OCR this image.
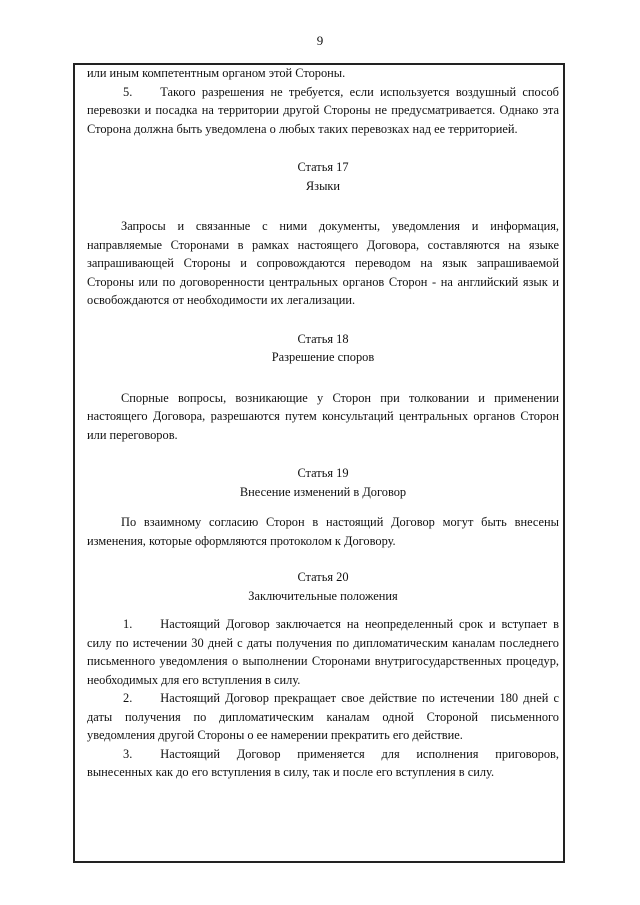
9

или иным компетентным органом этой Стороны.

5. Такого разрешения не требуется, если используется воздушный способ перевозки и посадка на территории другой Стороны не предусматривается. Однако эта Сторона должна быть уведомлена о любых таких перевозках над ее территорией.

Статья 17

Языки

Запросы и связанные с ними документы, уведомления и информация, направляемые Сторонами в рамках настоящего Договора, составляются на языке запрашивающей Стороны и сопровождаются переводом на язык запрашиваемой Стороны или по договоренности центральных органов Сторон - на английский язык и освобождаются от необходимости их легализации.

Статья 18

Разрешение споров

Спорные вопросы, возникающие у Сторон при толковании и применении настоящего Договора, разрешаются путем консультаций центральных органов Сторон или переговоров.

Статья 19

Внесение изменений в Договор

По взаимному согласию Сторон в настоящий Договор могут быть внесены изменения, которые оформляются протоколом к Договору.

Статья 20

Заключительные положения

1. Настоящий Договор заключается на неопределенный срок и вступает в силу по истечении 30 дней с даты получения по дипломатическим каналам последнего письменного уведомления о выполнении Сторонами внутригосударственных процедур, необходимых для его вступления в силу.

2. Настоящий Договор прекращает свое действие по истечении 180 дней с даты получения по дипломатическим каналам одной Стороной письменного уведомления другой Стороны о ее намерении прекратить его действие.

3. Настоящий Договор применяется для исполнения приговоров, вынесенных как до его вступления в силу, так и после его вступления в силу.
